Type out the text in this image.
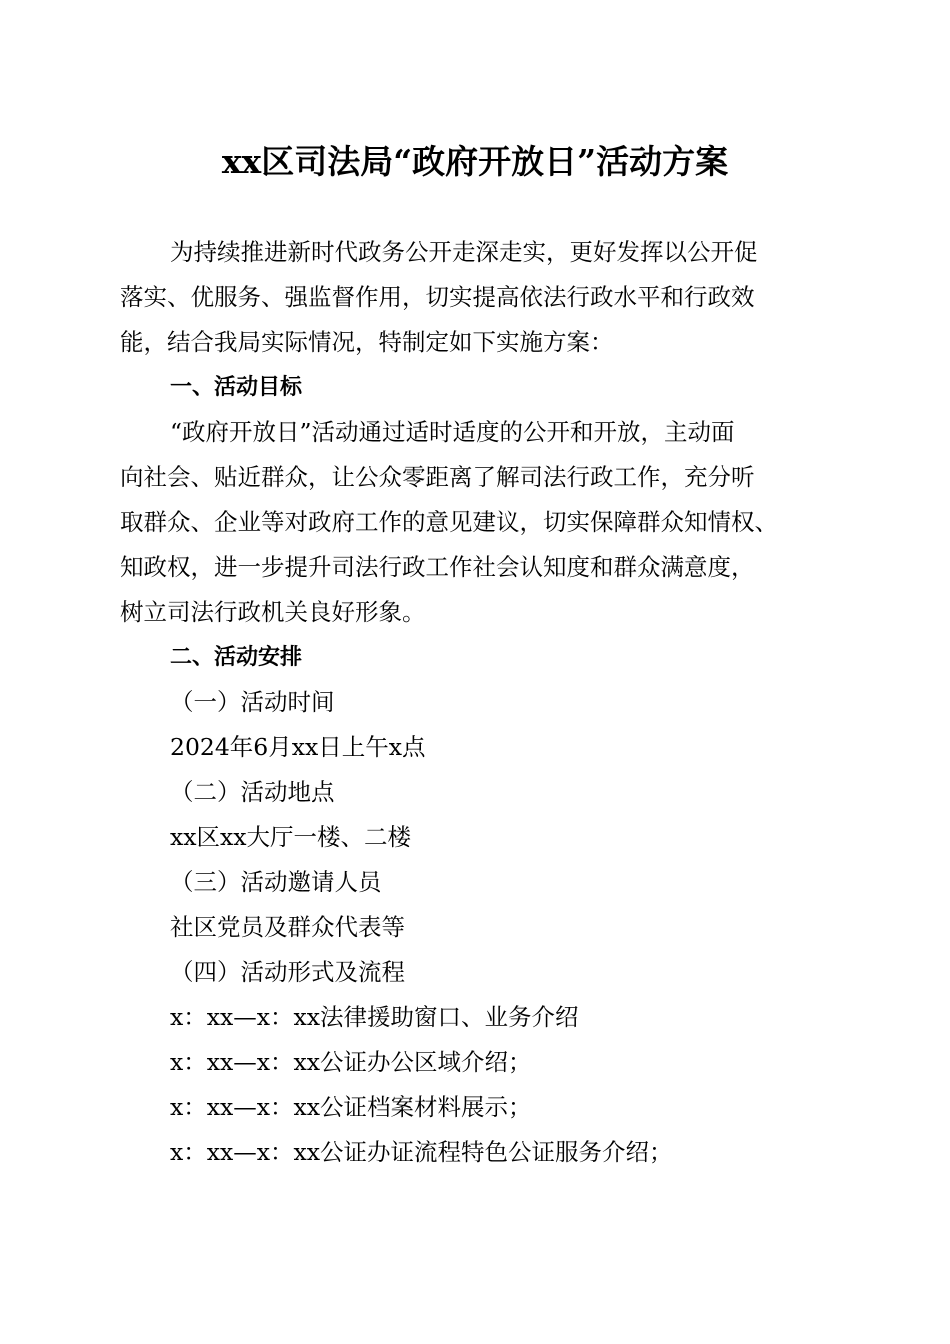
xx区司法局“政府开放日”活动方案
为持续推进新时代政务公开走深走实，更好发挥以公开促
落实、优服务、强监督作用，切实提高依法行政水平和行政效
能，结合我局实际情况，特制定如下实施方案：
一、活动目标
“政府开放日”活动通过适时适度的公开和开放，主动面
向社会、贴近群众，让公众零距离了解司法行政工作，充分听
取群众、企业等对政府工作的意见建议，切实保障群众知情权、
知政权，进一步提升司法行政工作社会认知度和群众满意度，
树立司法行政机关良好形象。
二、活动安排
（一）活动时间
2024年6月xx日上午x点
（二）活动地点
xx区xx大厅一楼、二楼
（三）活动邀请人员
社区党员及群众代表等
（四）活动形式及流程
x：xx—x：xx法律援助窗口、业务介绍
x：xx—x：xx公证办公区域介绍；
x：xx—x：xx公证档案材料展示；
x：xx—x：xx公证办证流程特色公证服务介绍；
